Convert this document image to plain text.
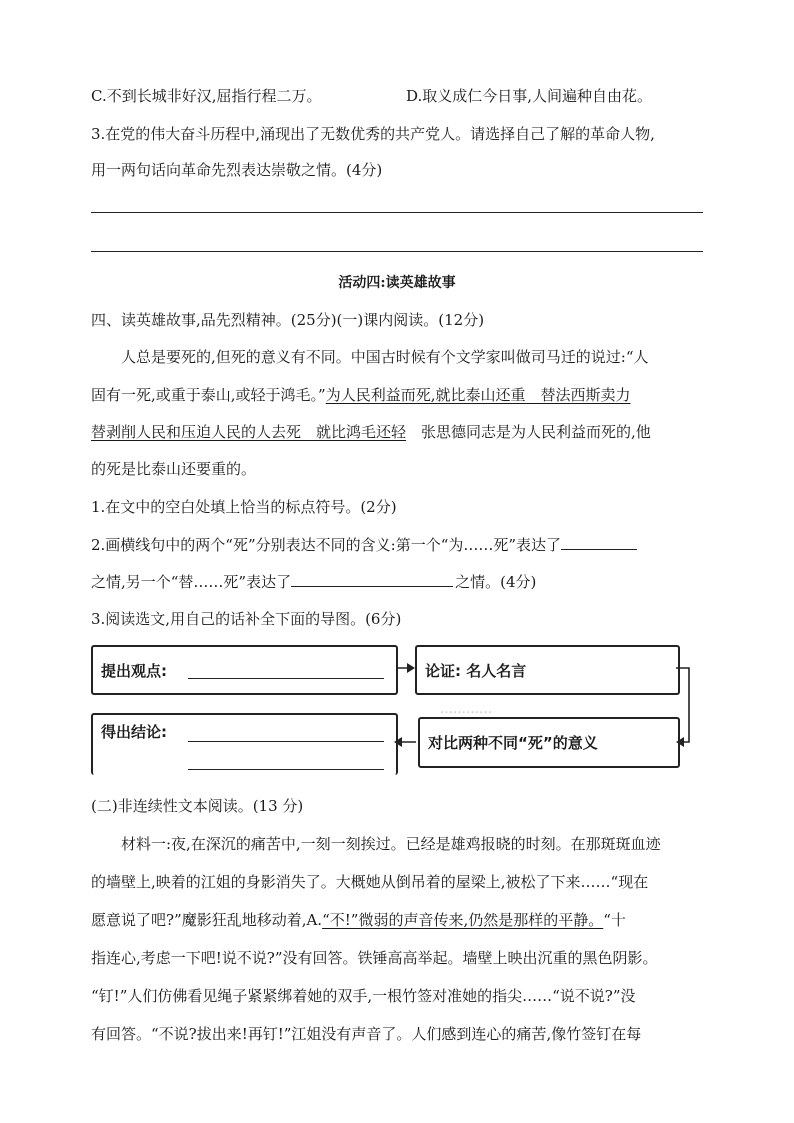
C.不到长城非好汉,屈指行程二万。	D.取义成仁今日事,人间遍种自由花。
3.在党的伟大奋斗历程中,涌现出了无数优秀的共产党人。请选择自己了解的革命人物,
用一两句话向革命先烈表达崇敬之情。(4分)
活动四:读英雄故事
四、读英雄故事,品先烈精神。(25分)(一)课内阅读。(12分)
人总是要死的,但死的意义有不同。中国古时候有个文学家叫做司马迁的说过:“人
固有一死,或重于泰山,或轻于鸿毛。”为人民利益而死,就比泰山还重　替法西斯卖力
替剥削人民和压迫人民的人去死　就比鸿毛还轻　张思德同志是为人民利益而死的,他
的死是比泰山还要重的。
1.在文中的空白处填上恰当的标点符号。(2分)
2.画横线句中的两个“死”分别表达不同的含义:第一个“为……死”表达了
之情,另一个“替……死”表达了	之情。(4分)
3.阅读选文,用自己的话补全下面的导图。(6分)
…………
提出观点:	论证: 名人名言
得出结论:
对比两种不同“死”的意义
(二)非连续性文本阅读。(13 分)
材料一:夜,在深沉的痛苦中,一刻一刻挨过。已经是雄鸡报晓的时刻。在那斑斑血迹
的墙壁上,映着的江姐的身影消失了。大概她从倒吊着的屋梁上,被松了下来……“现在
愿意说了吧?”魔影狂乱地移动着,A.“不!”微弱的声音传来,仍然是那样的平静。“十
指连心,考虑一下吧!说不说?”没有回答。铁锤高高举起。墙壁上映出沉重的黑色阴影。
“钉!”人们仿佛看见绳子紧紧绑着她的双手,一根竹签对准她的指尖……“说不说?”没
有回答。“不说?拔出来!再钉!”江姐没有声音了。人们感到连心的痛苦,像竹签钉在每
